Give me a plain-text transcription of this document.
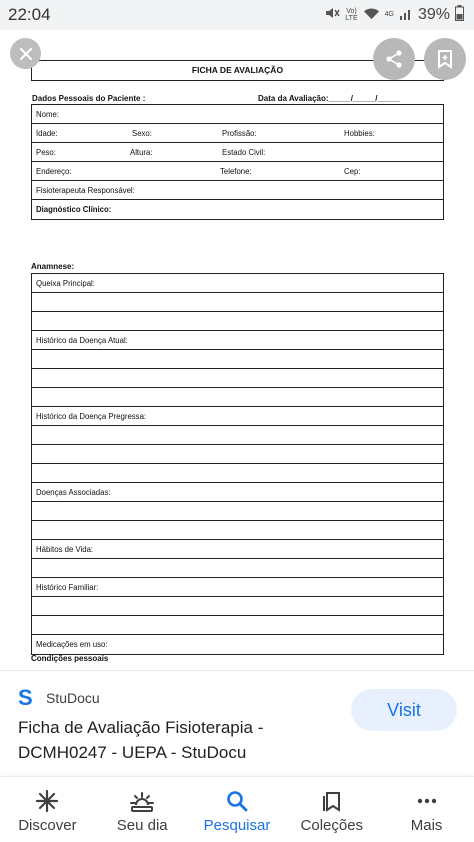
22:04	Vo)
LTE	4G 39%
FICHA DE AVALIAÇÃO
Dados Pessoais do Paciente :	Data da Avaliação:_____/_____/_____
Nome:
Idade:	Sexo:	Profissão:	Hobbies:
Peso:	Altura:	Estado Civil:
Endereço:	Telefone:	Cep:
Fisioterapeuta Responsável:
Diagnóstico Clínico:
Anamnese:
Queixa Principal:
Histórico da Doença Atual:
Histórico da Doença Pregressa:
Doenças Associadas:
Hábitos de Vida:
Histórico Familiar:
Medicações em uso:
Condições pessoais
S StuDocu
Ficha de Avaliação Fisioterapia - DCMH0247 - UEPA - StuDocu
Visit
Discover	Seu dia Pesquisar Coleções	Mais
